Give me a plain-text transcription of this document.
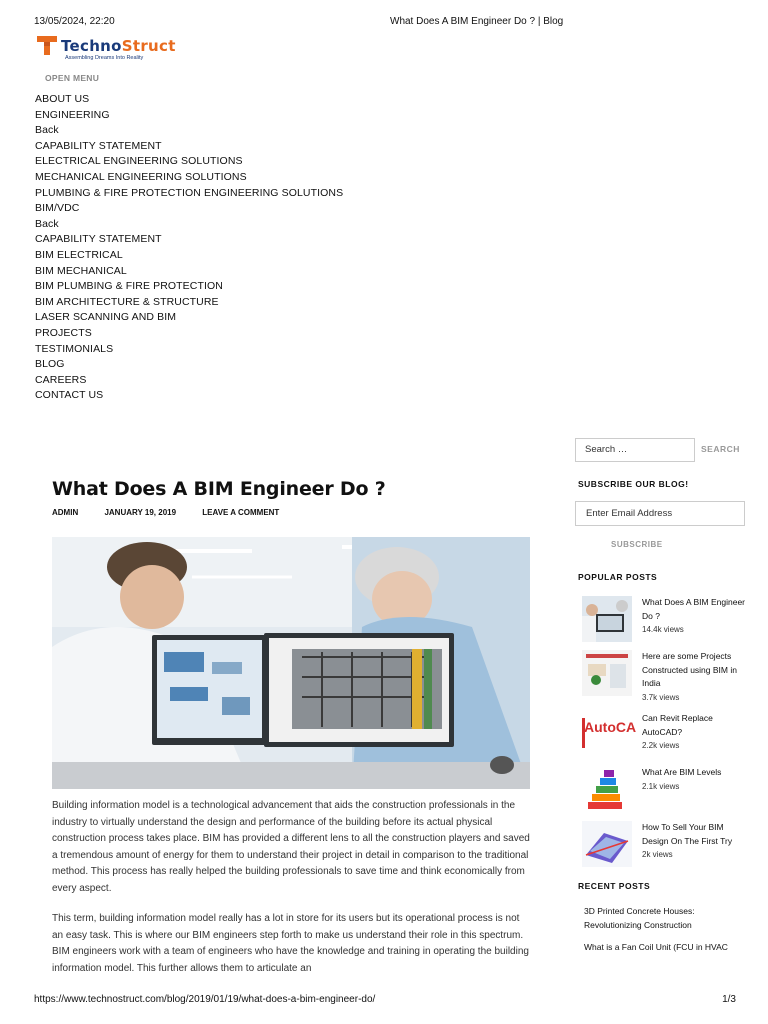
13/05/2024, 22:20	What Does A BIM Engineer Do ? | Blog
TechnoStruct
Assembling Dreams Into Reality
OPEN MENU
ABOUT US
ENGINEERING
Back
CAPABILITY STATEMENT
ELECTRICAL ENGINEERING SOLUTIONS
MECHANICAL ENGINEERING SOLUTIONS
PLUMBING & FIRE PROTECTION ENGINEERING SOLUTIONS
BIM/VDC
Back
CAPABILITY STATEMENT
BIM ELECTRICAL
BIM MECHANICAL
BIM PLUMBING & FIRE PROTECTION
BIM ARCHITECTURE & STRUCTURE
LASER SCANNING AND BIM
PROJECTS
TESTIMONIALS
BLOG
CAREERS
CONTACT US
What Does A BIM Engineer Do ?
ADMIN	JANUARY 19, 2019	LEAVE A COMMENT

Building information model is a technological advancement that aids the construction professionals in the industry to virtually understand the design and performance of the building before its actual physical construction process takes place. BIM has provided a different lens to all the construction players and saved a tremendous amount of energy for them to understand their project in detail in comparison to the traditional method. This process has really helped the building professionals to save time and think economically from every aspect.

This term, building information model really has a lot in store for its users but its operational process is not an easy task. This is where our BIM engineers step forth to make us understand their role in this spectrum. BIM engineers work with a team of engineers who have the knowledge and training in operating the building information model. This further allows them to articulate an

Search …	SEARCH
SUBSCRIBE OUR BLOG!
Enter Email Address
SUBSCRIBE
POPULAR POSTS
What Does A BIM Engineer Do ?
14.4k views
Here are some Projects Constructed using BIM in India
3.7k views
AutoCA
Can Revit Replace AutoCAD?
2.2k views
What Are BIM Levels
2.1k views
How To Sell Your BIM Design On The First Try
2k views
RECENT POSTS
3D Printed Concrete Houses: Revolutionizing Construction
What is a Fan Coil Unit (FCU in HVAC
https://www.technostruct.com/blog/2019/01/19/what-does-a-bim-engineer-do/	1/3
